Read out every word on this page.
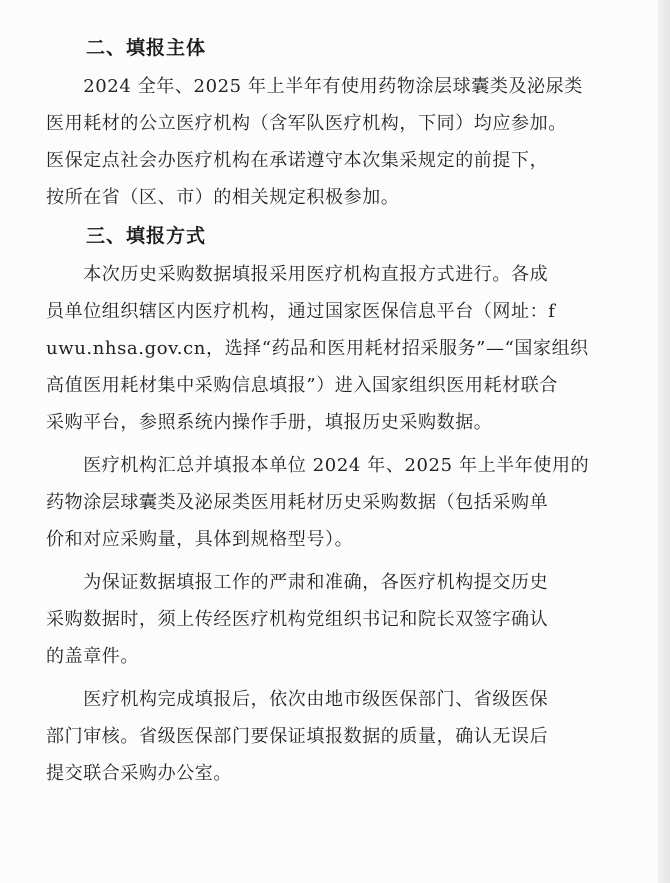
二、填报主体

　　2024 全年、2025 年上半年有使用药物涂层球囊类及泌尿类
医用耗材的公立医疗机构（含军队医疗机构，下同）均应参加。
医保定点社会办医疗机构在承诺遵守本次集采规定的前提下，
按所在省（区、市）的相关规定积极参加。

三、填报方式

　　本次历史采购数据填报采用医疗机构直报方式进行。各成
员单位组织辖区内医疗机构，通过国家医保信息平台（网址：f
uwu.nhsa.gov.cn，选择“药品和医用耗材招采服务”—“国家组织
高值医用耗材集中采购信息填报”）进入国家组织医用耗材联合
采购平台，参照系统内操作手册，填报历史采购数据。

　　医疗机构汇总并填报本单位 2024 年、2025 年上半年使用的
药物涂层球囊类及泌尿类医用耗材历史采购数据（包括采购单
价和对应采购量，具体到规格型号）。

　　为保证数据填报工作的严肃和准确，各医疗机构提交历史
采购数据时，须上传经医疗机构党组织书记和院长双签字确认
的盖章件。

　　医疗机构完成填报后，依次由地市级医保部门、省级医保
部门审核。省级医保部门要保证填报数据的质量，确认无误后
提交联合采购办公室。
